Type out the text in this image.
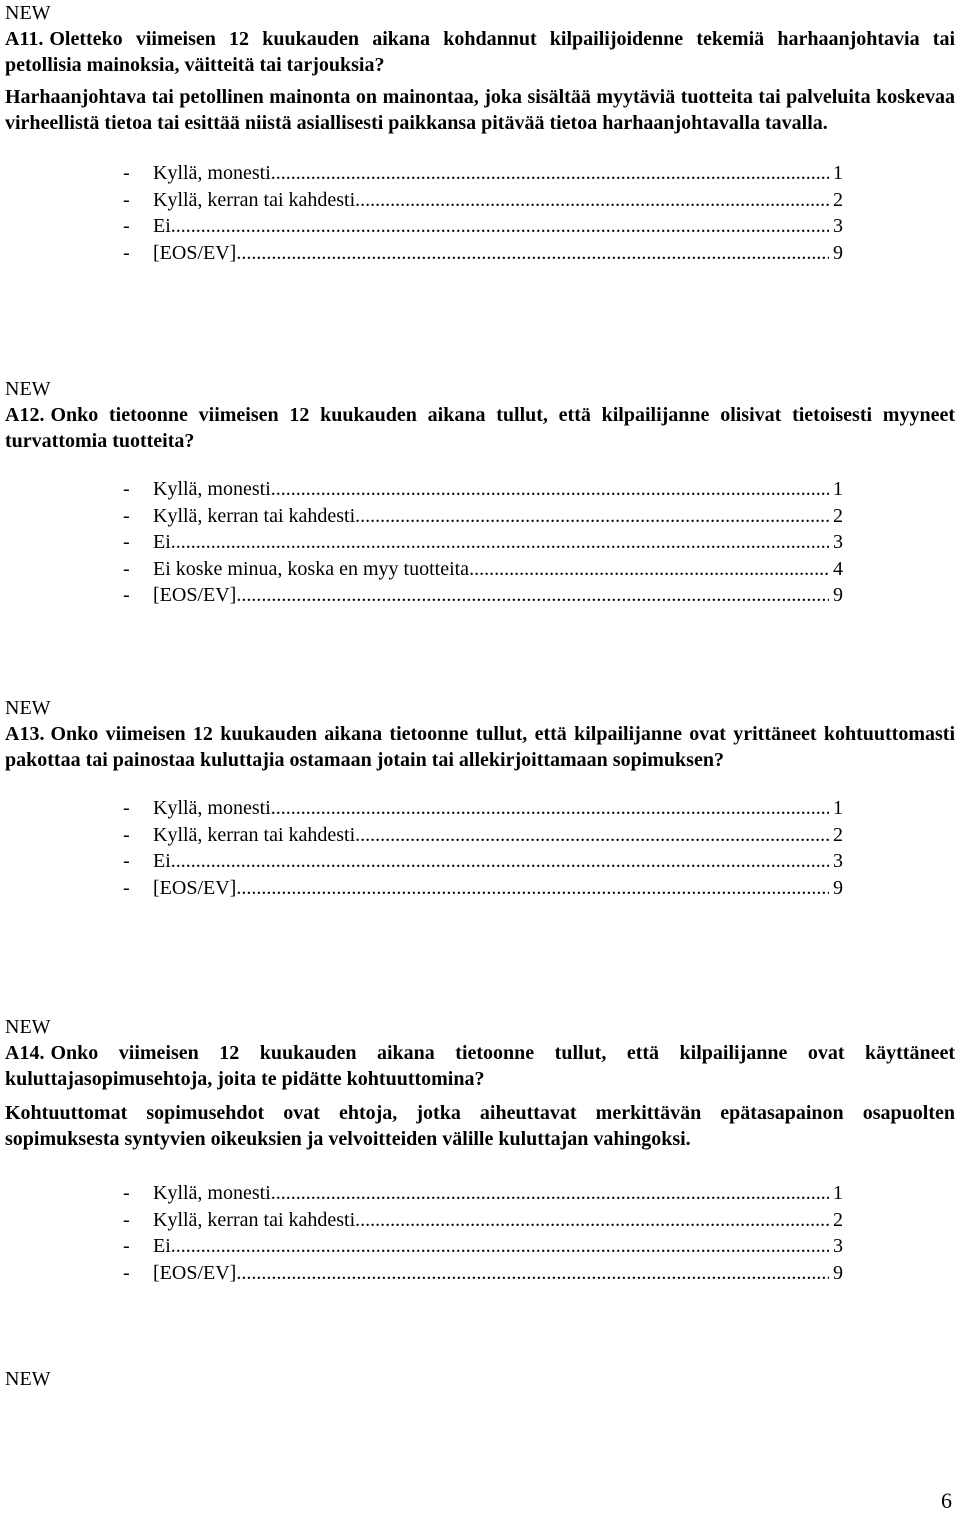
NEW
A11. Oletteko viimeisen 12 kuukauden aikana kohdannut kilpailijoidenne tekemiä harhaanjohtavia tai petollisia mainoksia, väitteitä tai tarjouksia?
Harhaanjohtava tai petollinen mainonta on mainontaa, joka sisältää myytäviä tuotteita tai palveluita koskevaa virheellistä tietoa tai esittää niistä asiallisesti paikkansa pitävää tietoa harhaanjohtavalla tavalla.
-	Kyllä, monesti .....	1
-	Kyllä, kerran tai kahdesti .....	2
-	Ei .....	3
-	[EOS/EV] .....	9
NEW
A12. Onko tietoonne viimeisen 12 kuukauden aikana tullut, että kilpailijanne olisivat tietoisesti myyneet turvattomia tuotteita?
-	Kyllä, monesti .....	1
-	Kyllä, kerran tai kahdesti .....	2
-	Ei .....	3
-	Ei koske minua, koska en myy tuotteita .....	4
-	[EOS/EV] .....	9
NEW
A13. Onko viimeisen 12 kuukauden aikana tietoonne tullut, että kilpailijanne ovat yrittäneet kohtuuttomasti pakottaa tai painostaa kuluttajia ostamaan jotain tai allekirjoittamaan sopimuksen?
-	Kyllä, monesti .....	1
-	Kyllä, kerran tai kahdesti .....	2
-	Ei .....	3
-	[EOS/EV] .....	9
NEW
A14. Onko viimeisen 12 kuukauden aikana tietoonne tullut, että kilpailijanne ovat käyttäneet kuluttajasopimusehtoja, joita te pidätte kohtuuttomina?
Kohtuuttomat sopimusehdot ovat ehtoja, jotka aiheuttavat merkittävän epätasapainon osapuolten sopimuksesta syntyvien oikeuksien ja velvoitteiden välille kuluttajan vahingoksi.
-	Kyllä, monesti .....	1
-	Kyllä, kerran tai kahdesti .....	2
-	Ei .....	3
-	[EOS/EV] .....	9
NEW
6
